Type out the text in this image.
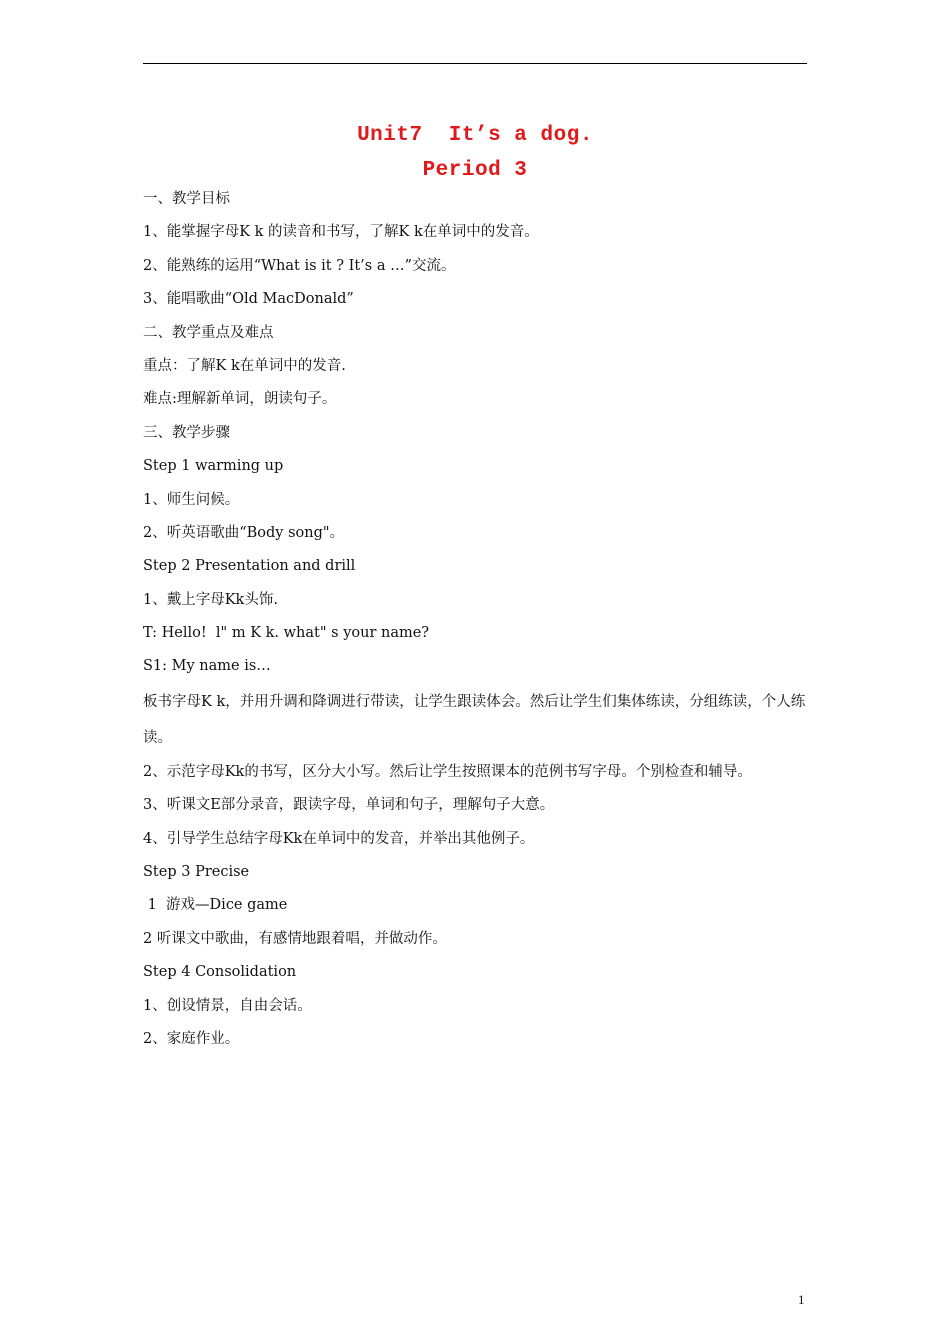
Unit7  It’s a dog.
Period 3
一、教学目标
1、能掌握字母K k 的读音和书写，了解K k在单词中的发音。
2、能熟练的运用“What is it ? It’s a …”交流。
3、能唱歌曲“Old MacDonald”
二、教学重点及难点
重点：了解K k在单词中的发音.
难点:理解新单词，朗读句子。
三、教学步骤
Step 1 warming up
1、师生问候。
2、听英语歌曲“Body song"。
Step 2 Presentation and drill
1、戴上字母Kk头饰.
T: Hello!  l" m K k. what" s your name?
S1: My name is…
板书字母K k，并用升调和降调进行带读，让学生跟读体会。然后让学生们集体练读，分组练读，个人练读。
2、示范字母Kk的书写，区分大小写。然后让学生按照课本的范例书写字母。个别检查和辅导。
3、听课文E部分录音，跟读字母，单词和句子，理解句子大意。
4、引导学生总结字母Kk在单词中的发音，并举出其他例子。
Step 3 Precise
1  游戏—Dice game
2 听课文中歌曲，有感情地跟着唱，并做动作。
Step 4 Consolidation
1、创设情景，自由会话。
2、家庭作业。
1
